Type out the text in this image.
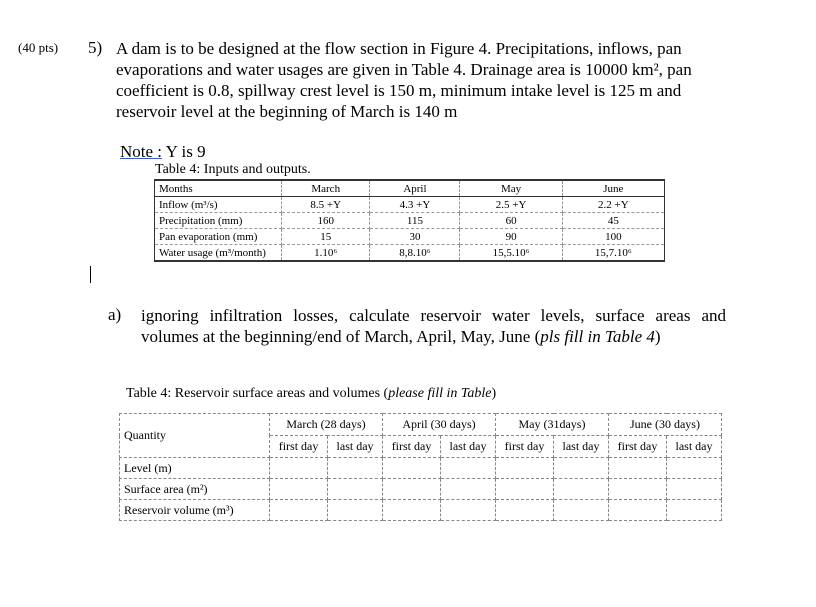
(40 pts) 5) A dam is to be designed at the flow section in Figure 4. Precipitations, inflows, pan
evaporations and water usages are given in Table 4. Drainage area is 10000 km², pan
coefficient is 0.8, spillway crest level is 150 m, minimum intake level is 125 m and
reservoir level at the beginning of March is 140 m
Note : Y is 9
Table 4: Inputs and outputs.
Months	March	April	May	June
Inflow (m³/s)	8.5 +Y	4.3 +Y	2.5 +Y	2.2 +Y
Precipitation (mm)	160	115	60	45
Pan evaporation (mm)	15	30	90	100
Water usage (m³/month)	1.10⁶	8,8.10⁶	15,5.10⁶	15,7.10⁶
a) ignoring infiltration losses, calculate reservoir water levels, surface areas and volumes at the beginning/end of March, April, May, June (pls fill in Table 4)
Table 4: Reservoir surface areas and volumes (please fill in Table)
Quantity	March (28 days)		April (30 days)		May (31days)		June (30 days)	
	first day	last day	first day	last day	first day	last day	first day	last day
Level (m)								
Surface area (m²)								
Reservoir volume (m³)								
